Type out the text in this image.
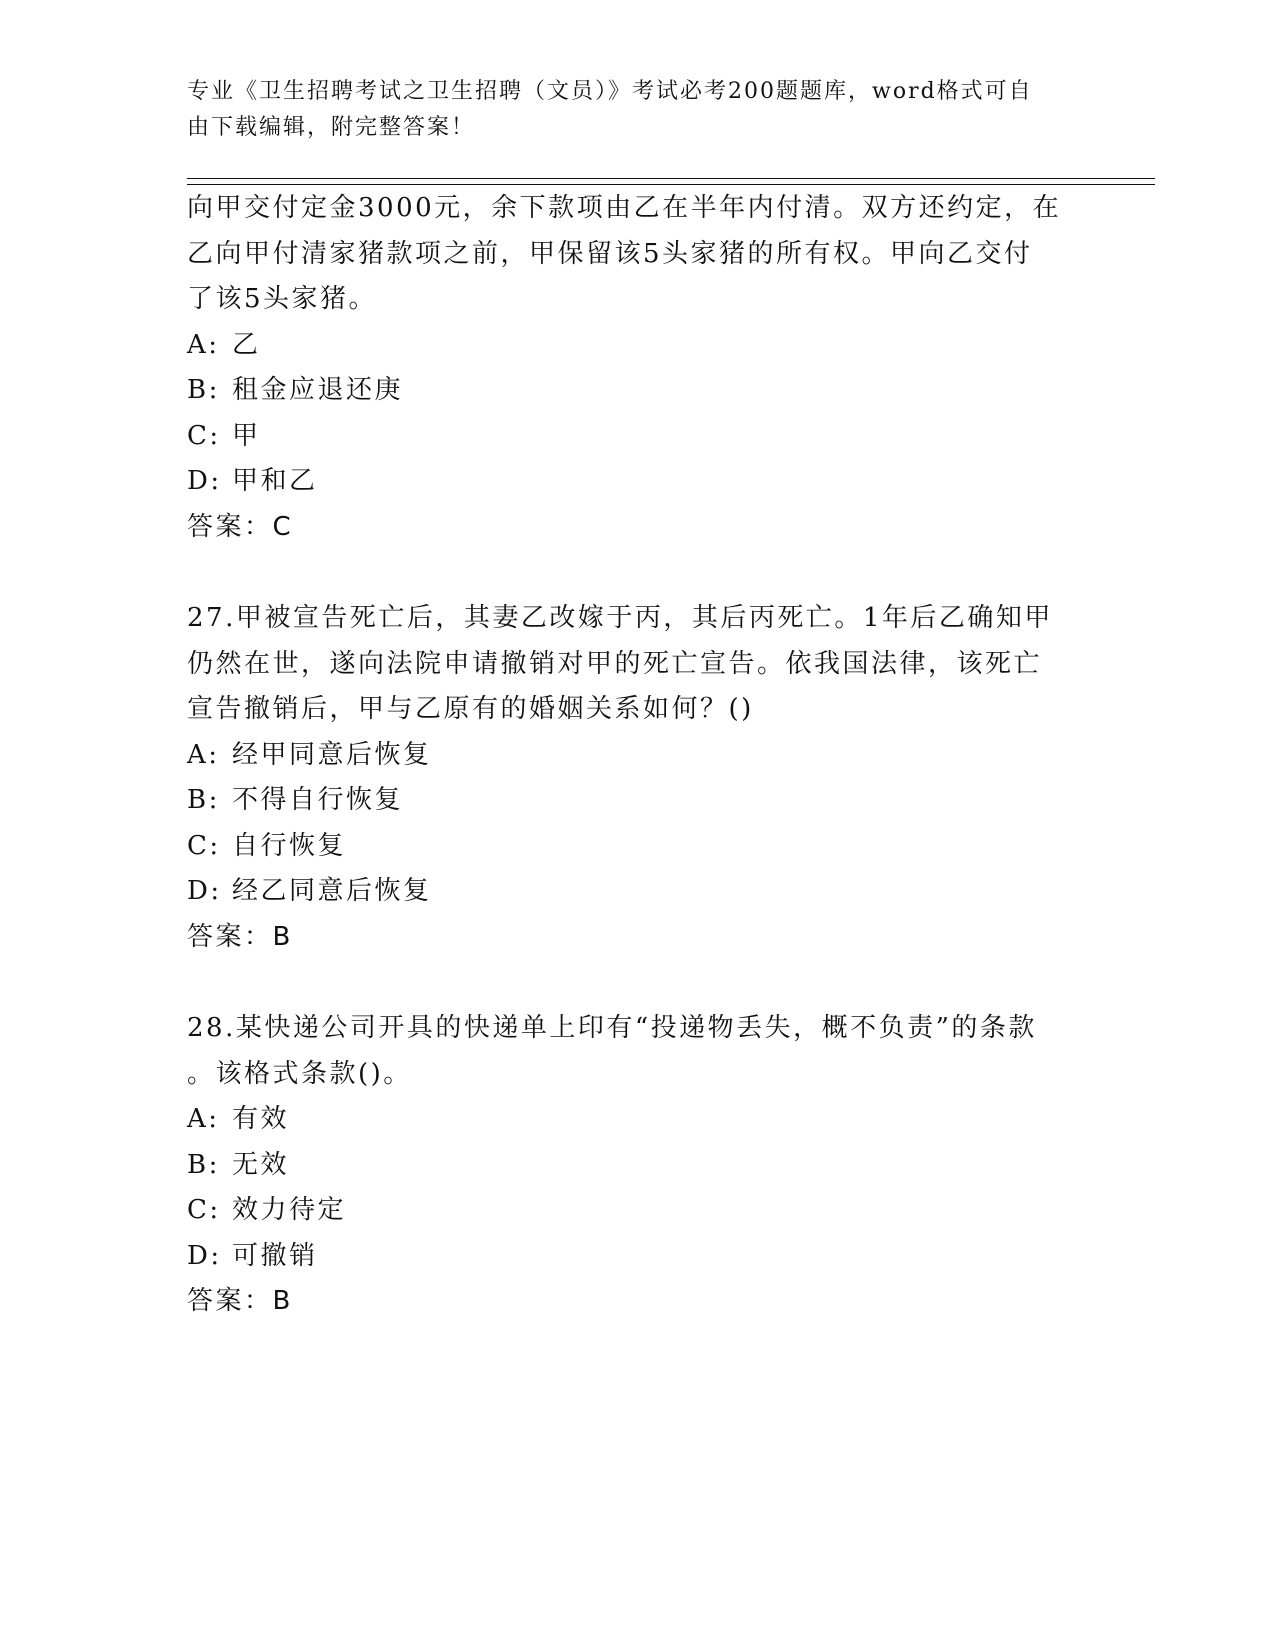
专业《卫生招聘考试之卫生招聘（文员）》考试必考200题题库，word格式可自
由下载编辑，附完整答案！
向甲交付定金3000元，余下款项由乙在半年内付清。双方还约定，在
乙向甲付清家猪款项之前，甲保留该5头家猪的所有权。甲向乙交付
了该5头家猪。
A: 乙
B: 租金应退还庚
C: 甲
D: 甲和乙
答案：C
27.甲被宣告死亡后，其妻乙改嫁于丙，其后丙死亡。1年后乙确知甲
仍然在世，遂向法院申请撤销对甲的死亡宣告。依我国法律，该死亡
宣告撤销后，甲与乙原有的婚姻关系如何？()
A: 经甲同意后恢复
B: 不得自行恢复
C: 自行恢复
D: 经乙同意后恢复
答案：B
28.某快递公司开具的快递单上印有“投递物丢失，概不负责”的条款
。该格式条款()。
A: 有效
B: 无效
C: 效力待定
D: 可撤销
答案：B
